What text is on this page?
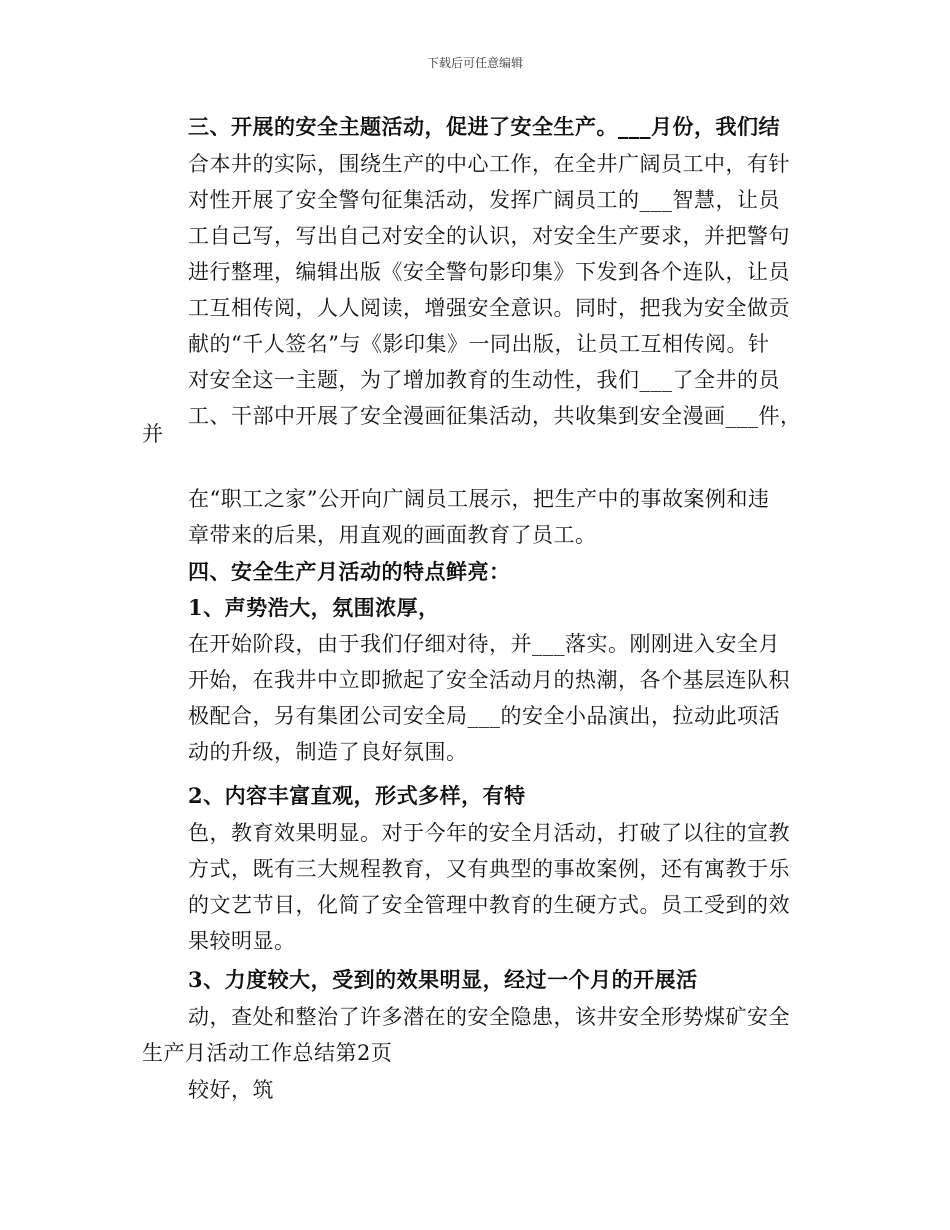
下载后可任意编辑
三、开展的安全主题活动，促进了安全生产。___月份，我们结
合本井的实际，围绕生产的中心工作，在全井广阔员工中，有针
对性开展了安全警句征集活动，发挥广阔员工的___智慧，让员
工自己写，写出自己对安全的认识，对安全生产要求，并把警句
进行整理，编辑出版《安全警句影印集》下发到各个连队，让员
工互相传阅，人人阅读，增强安全意识。同时，把我为安全做贡
献的“千人签名”与《影印集》一同出版，让员工互相传阅。针
对安全这一主题，为了增加教育的生动性，我们___了全井的员
工、干部中开展了安全漫画征集活动，共收集到安全漫画___件，
并
在“职工之家”公开向广阔员工展示，把生产中的事故案例和违
章带来的后果，用直观的画面教育了员工。
四、安全生产月活动的特点鲜亮：
1、声势浩大，氛围浓厚，
在开始阶段，由于我们仔细对待，并___落实。刚刚进入安全月
开始，在我井中立即掀起了安全活动月的热潮，各个基层连队积
极配合，另有集团公司安全局___的安全小品演出，拉动此项活
动的升级，制造了良好氛围。
2、内容丰富直观，形式多样，有特
色，教育效果明显。对于今年的安全月活动，打破了以往的宣教
方式，既有三大规程教育，又有典型的事故案例，还有寓教于乐
的文艺节目，化简了安全管理中教育的生硬方式。员工受到的效
果较明显。
3、力度较大，受到的效果明显，经过一个月的开展活
动，查处和整治了许多潜在的安全隐患，该井安全形势煤矿安全
生产月活动工作总结第2页
较好，筑
